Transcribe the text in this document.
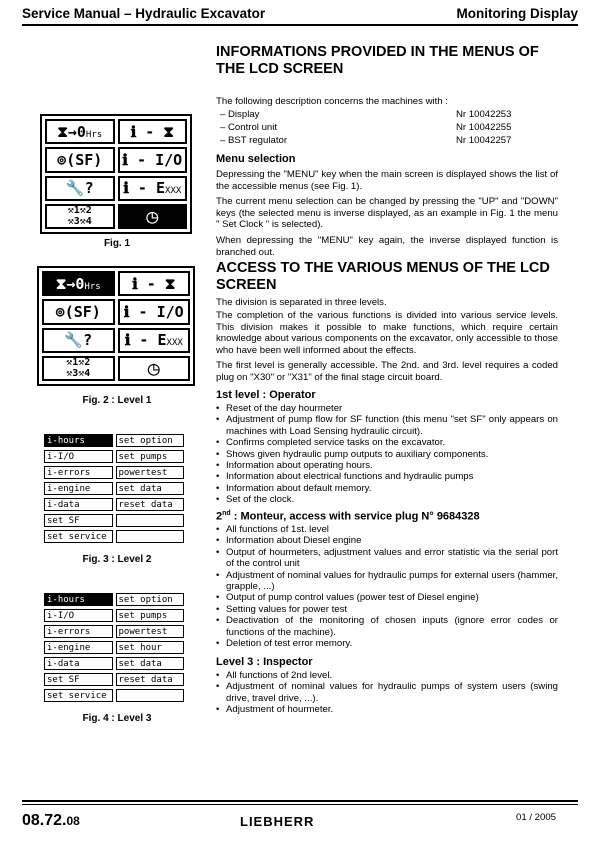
Service Manual – Hydraulic Excavator	Monitoring Display
⧗→0Hrs	ℹ - ⧗
⊚(SF)	ℹ - I/O
🔧?	ℹ - EXXX
⚒1⚒2
⚒3⚒4	◷
Fig. 1
⧗→0Hrs	ℹ - ⧗
⊚(SF)	ℹ - I/O
🔧?	ℹ - EXXX
⚒1⚒2
⚒3⚒4	◷
Fig. 2 : Level 1
i-hours	set option
i-I/O	set pumps
i-errors	powertest
i-engine	set data
i-data	reset data
set SF
set service
Fig. 3 : Level 2
i-hours	set option
i-I/O	set pumps
i-errors	powertest
i-engine	set hour
i-data	set data
set SF	reset data
set service
Fig. 4 : Level 3
INFORMATIONS PROVIDED IN THE MENUS OF THE LCD SCREEN
The following description concerns the machines with :
– Display	Nr 10042253
– Control unit	Nr 10042255
– BST regulator	Nr 10042257
Menu selection
Depressing the "MENU" key when the main screen is displayed shows the list of the accessible menus (see Fig. 1).
The current menu selection can be changed by pressing the "UP" and "DOWN" keys (the selected menu is inverse displayed, as an example in Fig. 1 the menu " Set Clock " is selected).
When depressing the "MENU" key again, the inverse displayed function is branched out.
ACCESS TO THE VARIOUS MENUS OF THE LCD SCREEN
The division is separated in three levels.
The completion of the various functions is divided into various service levels. This division makes it possible to make functions, which require certain knowledge about various components on the excavator, only accessible to those who have been well informed about the effects.
The first level is generally accessible. The 2nd. and 3rd. level requires a coded plug on "X30" or "X31" of the final stage circuit board.
1st level : Operator
• Reset of the day hourmeter
• Adjustment of pump flow for SF function (this menu "set SF" only appears on machines with Load Sensing hydraulic circuit).
• Confirms completed service tasks on the excavator.
• Shows given hydraulic pump outputs to auxiliary components.
• Information about operating hours.
• Information about electrical functions and hydraulic pumps
• Information about default memory.
• Set of the clock.
2nd : Monteur, access with service plug N° 9684328
• All functions of 1st. level
• Information about Diesel engine
• Output of hourmeters, adjustment values and error statistic via the serial port of the control unit
• Adjustment of nominal values for hydraulic pumps for external users (hammer, grapple, ...)
• Output of pump control values (power test of Diesel engine)
• Setting values for power test
• Deactivation of the monitoring of chosen inputs (ignore error codes or functions of the machine).
• Deletion of test error memory.
Level 3 : Inspector
• All functions of 2nd level.
• Adjustment of nominal values for hydraulic pumps of system users (swing drive, travel drive, ...).
• Adjustment of hourmeter.
08.72.08	LIEBHERR	01 / 2005
